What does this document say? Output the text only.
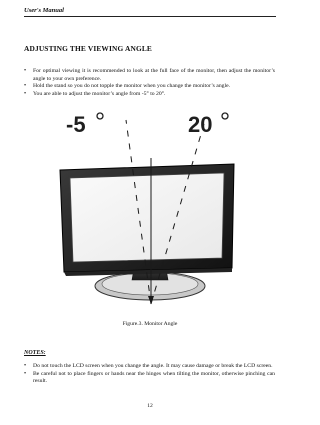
User's Manual
ADJUSTING THE VIEWING ANGLE
• For optimal viewing it is recommended to look at the full face of the monitor, then adjust the monitor’s angle to your own preference.
• Hold the stand so you do not topple the monitor when you change the monitor’s angle.
• You are able to adjust the monitor’s angle from -5° to 20°.
-5	20
Figure.3. Monitor Angle
NOTES:
• Do not touch the LCD screen when you change the angle. It may cause damage or break the LCD screen.
• Be careful not to place fingers or hands near the hinges when tilting the monitor, otherwise pinching can result.
12
